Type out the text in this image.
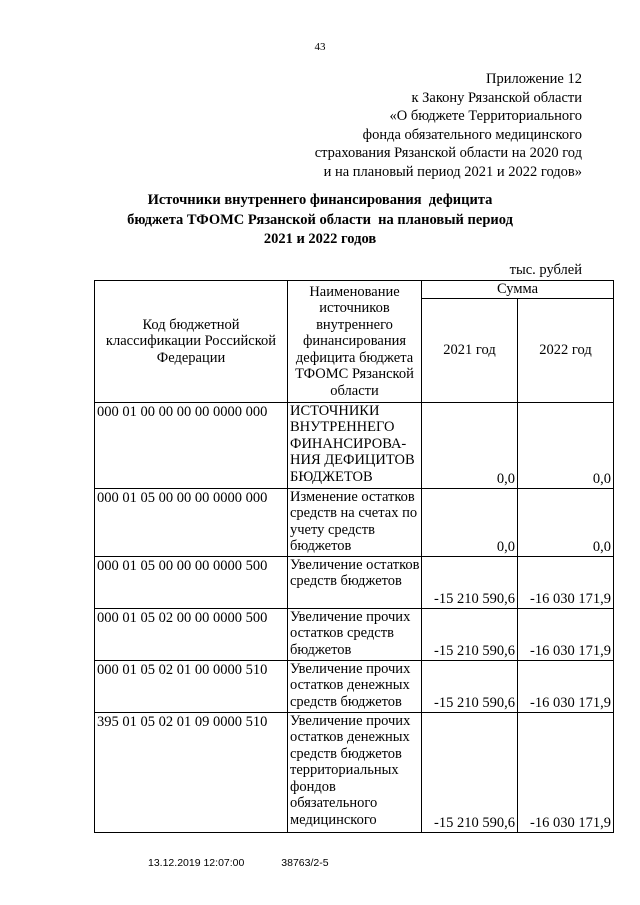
43
Приложение 12
к Закону Рязанской области
«О бюджете Территориального
фонда обязательного медицинского
страхования Рязанской области на 2020 год
и на плановый период 2021 и 2022 годов»
Источники внутреннего финансирования  дефицита
бюджета ТФОМС Рязанской области  на плановый период
2021 и 2022 годов
тыс. рублей
Код бюджетной классификации Российской Федерации	Наименование источников внутреннего финансирования дефицита бюджета ТФОМС Рязанской области	Сумма	
		2021 год	2022 год
000 01 00 00 00 00 0000 000	ИСТОЧНИКИ ВНУТРЕННЕГО ФИНАНСИРОВА-НИЯ ДЕФИЦИТОВ БЮДЖЕТОВ	0,0	0,0
000 01 05 00 00 00 0000 000	Изменение остатков средств на счетах по учету средств бюджетов	0,0	0,0
000 01 05 00 00 00 0000 500	Увеличение остатков средств бюджетов	-15 210 590,6	-16 030 171,9
000 01 05 02 00 00 0000 500	Увеличение прочих остатков средств бюджетов	-15 210 590,6	-16 030 171,9
000 01 05 02 01 00 0000 510	Увеличение прочих остатков денежных средств бюджетов	-15 210 590,6	-16 030 171,9
395 01 05 02 01 09 0000 510	Увеличение прочих остатков денежных средств бюджетов территориальных фондов обязательного медицинского	-15 210 590,6	-16 030 171,9
13.12.2019 12:07:00	38763/2-5
